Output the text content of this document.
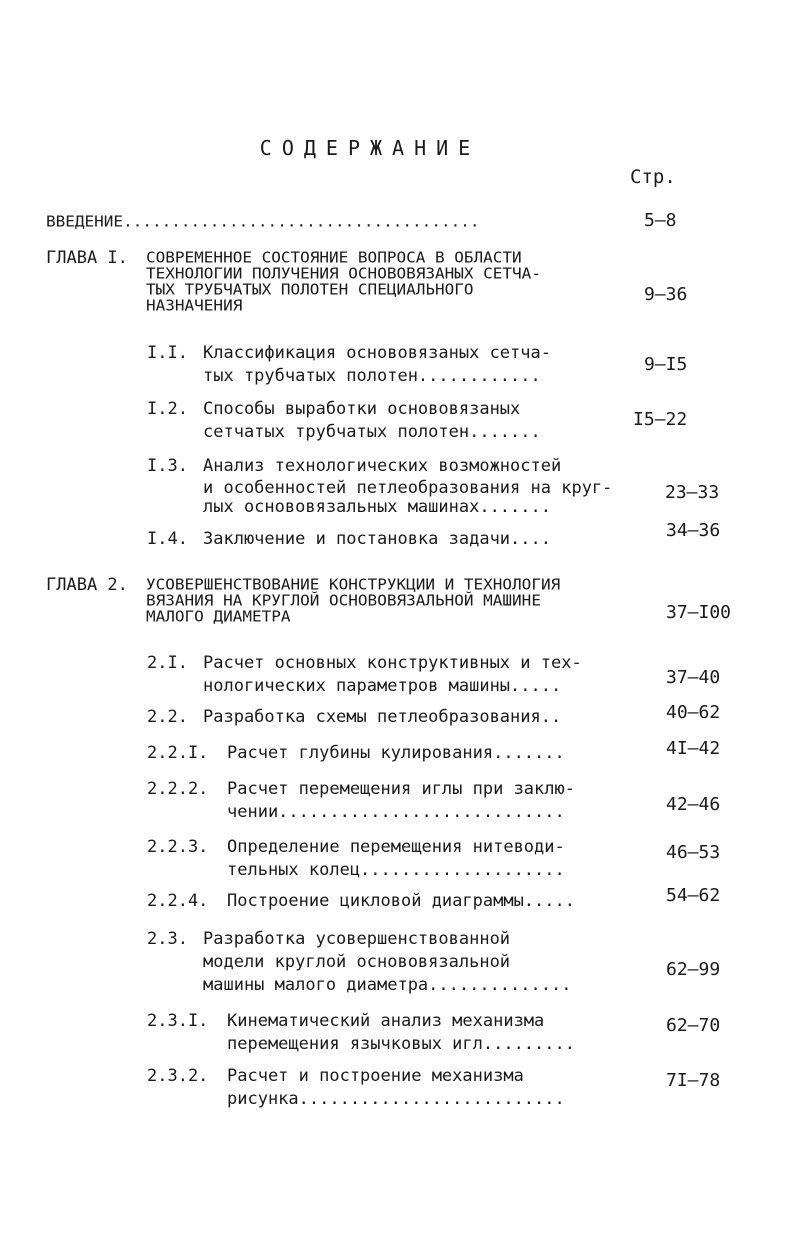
СОДЕРЖАНИЕ
Стр.
ВВЕДЕНИЕ.....................................	5–8
ГЛАВА I. СОВРЕМЕННОЕ СОСТОЯНИЕ ВОПРОСА В ОБЛАСТИ
ТЕХНОЛОГИИ ПОЛУЧЕНИЯ ОСНОВОВЯЗАНЫХ СЕТЧА-
ТЫХ ТРУБЧАТЫХ ПОЛОТЕН СПЕЦИАЛЬНОГО
НАЗНАЧЕНИЯ
9–36
I.I. Классификация основовязаных сетча-
тых трубчатых полотен............
9–I5
I.2. Способы выработки основовязаных
сетчатых трубчатых полотен.......
I5–22
I.3. Анализ технологических возможностей
и особенностей петлеобразования на круг-
лых основовязальных машинах.......
23–33
I.4. Заключение и постановка задачи....	34–36
ГЛАВА 2. УСОВЕРШЕНСТВОВАНИЕ КОНСТРУКЦИИ И ТЕХНОЛОГИЯ
ВЯЗАНИЯ НА КРУГЛОЙ ОСНОВОВЯЗАЛЬНОЙ МАШИНЕ
МАЛОГО ДИАМЕТРА	37–I00
2.I. Расчет основных конструктивных и тех-
нологических параметров машины.....	37–40
2.2. Разработка схемы петлеобразования..	40–62
2.2.I. Расчет глубины кулирования.......	4I–42
2.2.2. Расчет перемещения иглы при заклю-
чении............................	42–46
2.2.3. Определение перемещения нитеводи-
тельных колец....................
46–53
2.2.4. Построение цикловой диаграммы.....	54–62
2.3. Разработка усовершенствованной
модели круглой основовязальной
машины малого диаметра..............
62–99
2.3.I. Кинематический анализ механизма
перемещения язычковых игл.........
62–70
2.3.2. Расчет и построение механизма
рисунка..........................
7I–78
